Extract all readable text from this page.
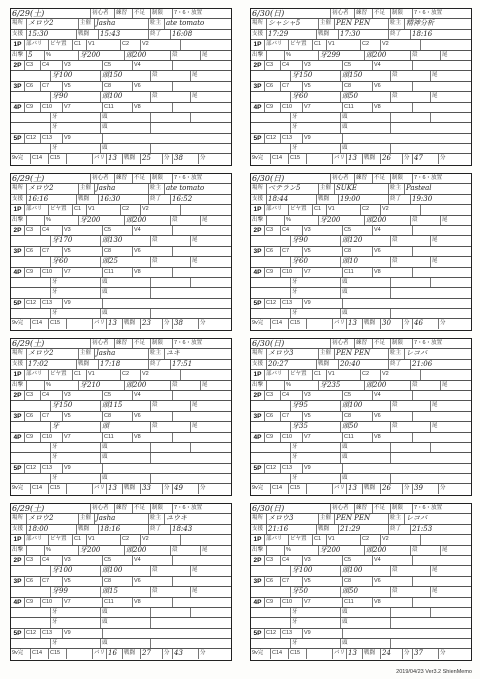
6/29(土)	初心者	練習	不足	制限	7・6・放置
場所 メロウ2	主催 Jasha	駐主 ate tomato
支援 15:30	戦闘	15:43	終了	16:08
1P 部パリ	ピヤ置	C1	V1	C2	V2
出撃 5	%	牙200	頭200	殻	尾
2P C3	C4	V3	C5	V4
牙100	頭150	殻	尾
3P C6	C7	V5	C8	V6
牙90	頭100	殻	尾
4P C9	C10	V7	C11	V8
牙	頭
牙	頭
5P C12	C13	V9
牙	頭
9v完	C14	C15	パリ 13	戦闘 25	分 38	分
6/30(日)	初心者	練習	不足	制限	7・6・放置
場所 シャシャ5	主催 PEN PEN	駐主 精神分析
支援 17:29	戦闘	17:30	終了	18:16
1P 部パリ	ピヤ置	C1	V1	C2	V2
出撃	%	牙299	頭200	殻	尾
2P C3	C4	V3	C5	V4
牙150	頭150	殻	尾
3P C6	C7	V5	C8	V6
牙60	頭50	殻	尾
4P C9	C10	V7	C11	V8
牙	頭
牙	頭
5P C12	C13	V9
牙	頭
9v完	C14	C15	パリ 13	戦闘 26	分 47	分
6/29(土)	初心者	練習	不足	制限	7・6・放置
場所 メロウ2	主催 Jasha	駐主 ate tomato
支援 16:16	戦闘	16:30	終了	16:52
1P 部パリ	ピヤ置	C1	V1	C2	V2
出撃	%	牙200	頭200	殻	尾
2P C3	C4	V3	C5	V4
牙170	頭130	殻	尾
3P C6	C7	V5	C8	V6
牙60	頭25	殻	尾
4P C9	C10	V7	C11	V8
牙	頭
牙	頭
5P C12	C13	V9
牙	頭
9v完	C14	C15	パリ 13	戦闘 23	分 38	分
6/30(日)	初心者	練習	不足	制限	7・6・放置
場所 ベテラン5	主催 SUKE	駐主 Pasteal
支援 18:44	戦闘	19:00	終了	19:30
1P 部パリ	ピヤ置	C1	V1	C2	V2
出撃	%	牙200	頭200	殻	尾
2P C3	C4	V3	C5	V4
牙90	頭120	殻	尾
3P C6	C7	V5	C8	V6
牙60	頭10	殻	尾
4P C9	C10	V7	C11	V8
牙	頭
牙	頭
5P C12	C13	V9
牙	頭
9v完	C14	C15	パリ 13	戦闘 30	分 46	分
6/29(土)	初心者	練習	不足	制限	7・6・放置
場所 メロウ2	主催 Jasha	駐主 ユキ
支援 17:02	戦闘	17:18	終了	17:51
1P 部パリ	ピヤ置	C1	V1	C2	V2
出撃	%	牙210	頭200	殻	尾
2P C3	C4	V3	C5	V4
牙150	頭115	殻	尾
3P C6	C7	V5	C8	V6
牙	頭	殻	尾
4P C9	C10	V7	C11	V8
牙	頭
牙	頭
5P C12	C13	V9
牙	頭
9v完	C14	C15	パリ 13	戦闘 33	分 49	分
6/30(日)	初心者	練習	不足	制限	7・6・放置
場所 メロウ3	主催 PEN PEN	駐主 レコバ
支援 20:27	戦闘	20:40	終了	21:06
1P 部パリ	ピヤ置	C1	V1	C2	V2
出撃	%	牙235	頭200	殻	尾
2P C3	C4	V3	C5	V4
牙95	頭100	殻	尾
3P C6	C7	V5	C8	V6
牙35	頭50	殻	尾
4P C9	C10	V7	C11	V8
牙	頭
牙	頭
5P C12	C13	V9
牙	頭
9v完	C14	C15	パリ 13	戦闘 26	分 39	分
6/29(土)	初心者	練習	不足	制限	7・6・放置
場所 メロウ2	主催 Jasha	駐主 ユウキ
支援 18:00	戦闘	18:16	終了	18:43
1P 部パリ	ピヤ置	C1	V1	C2	V2
出撃	%	牙200	頭200	殻	尾
2P C3	C4	V3	C5	V4
牙100	頭100	殻	尾
3P C6	C7	V5	C8	V6
牙99	頭15	殻	尾
4P C9	C10	V7	C11	V8
牙	頭
牙	頭
5P C12	C13	V9
牙	頭
9v完	C14	C15	パリ 16	戦闘 27	分 43	分
6/30(日)	初心者	練習	不足	制限	7・6・放置
場所 メロウ3	主催 PEN PEN	駐主 レコバ
支援 21:16	戦闘	21:29	終了	21:53
1P 部パリ	ピヤ置	C1	V1	C2	V2
出撃	%	牙200	頭200	殻	尾
2P C3	C4	V3	C5	V4
牙100	頭100	殻	尾
3P C6	C7	V5	C8	V6
牙50	頭50	殻	尾
4P C9	C10	V7	C11	V8
牙	頭
牙	頭
5P C12	C13	V9
牙	頭
9v完	C14	C15	パリ 13	戦闘 24	分 37	分
2019/04/23 Ver3.2 ShienMemo
